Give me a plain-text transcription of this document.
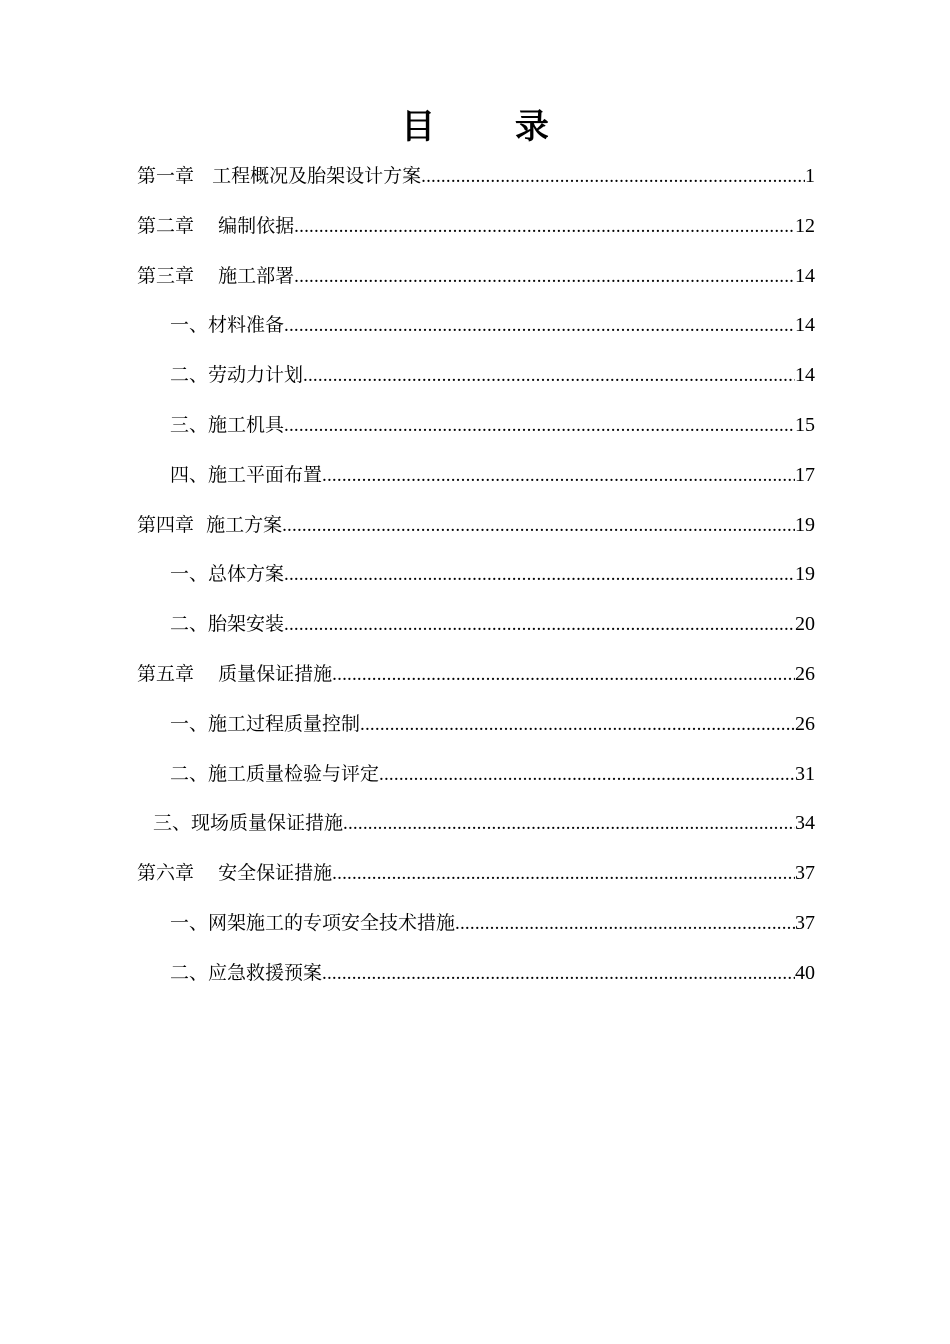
目 录
第一章   工程概况及胎架设计方案 .....	1
第二章    编制依据 .....	12
第三章    施工部署 .....	14
一、材料准备 .....	14
二、劳动力计划 .....	14
三、施工机具 .....	15
四、施工平面布置 .....	17
第四章  施工方案 .....	19
一、总体方案 .....	19
二、胎架安装 .....	20
第五章    质量保证措施 .....	26
一、施工过程质量控制 .....	26
二、施工质量检验与评定 .....	31
三、现场质量保证措施 .....	34
第六章    安全保证措施 .....	37
一、网架施工的专项安全技术措施 .....	37
二、应急救援预案 .....	40
